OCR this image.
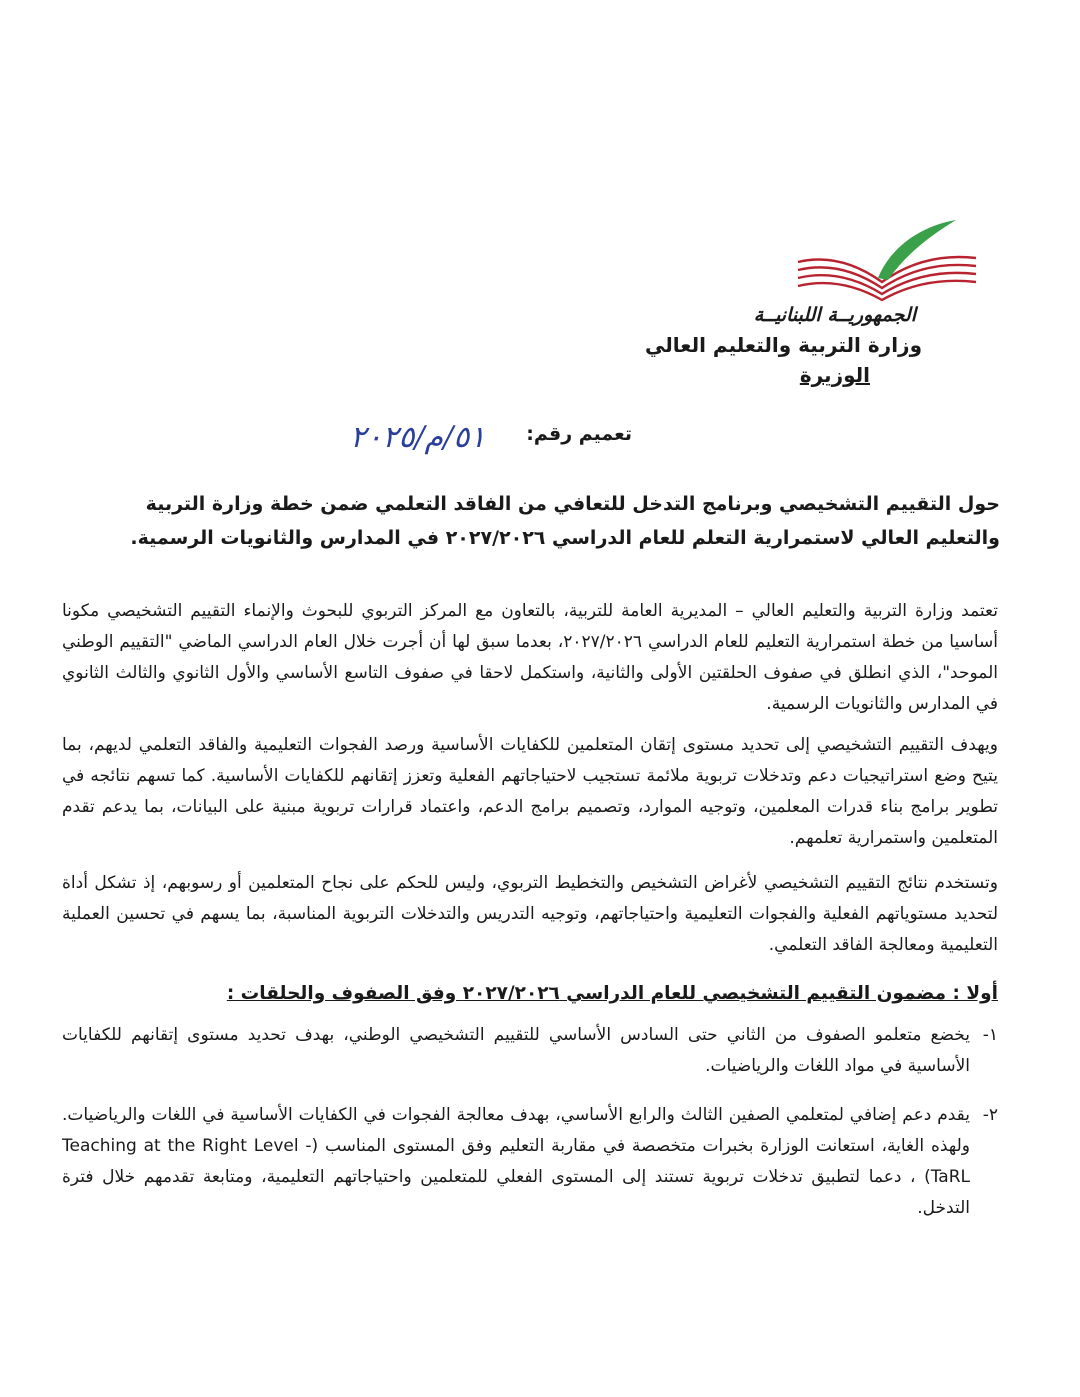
الجمهوريــة اللبنانيــة
وزارة التربية والتعليم العالي
الوزيرة
تعميم رقم:
٥١/م/٢٠٢٥
حول التقييم التشخيصي وبرنامج التدخل للتعافي من الفاقد التعلمي ضمن خطة وزارة التربية والتعليم العالي لاستمرارية التعلم للعام الدراسي ٢٠٢٧/٢٠٢٦ في المدارس والثانويات الرسمية.

تعتمد وزارة التربية والتعليم العالي – المديرية العامة للتربية، بالتعاون مع المركز التربوي للبحوث والإنماء التقييم التشخيصي مكونا أساسيا من خطة استمرارية التعليم للعام الدراسي ٢٠٢٧/٢٠٢٦، بعدما سبق لها أن أجرت خلال العام الدراسي الماضي "التقييم الوطني الموحد"، الذي انطلق في صفوف الحلقتين الأولى والثانية، واستكمل لاحقا في صفوف التاسع الأساسي والأول الثانوي والثالث الثانوي في المدارس والثانويات الرسمية.

ويهدف التقييم التشخيصي إلى تحديد مستوى إتقان المتعلمين للكفايات الأساسية ورصد الفجوات التعليمية والفاقد التعلمي لديهم، بما يتيح وضع استراتيجيات دعم وتدخلات تربوية ملائمة تستجيب لاحتياجاتهم الفعلية وتعزز إتقانهم للكفايات الأساسية. كما تسهم نتائجه في تطوير برامج بناء قدرات المعلمين، وتوجيه الموارد، وتصميم برامج الدعم، واعتماد قرارات تربوية مبنية على البيانات، بما يدعم تقدم المتعلمين واستمرارية تعلمهم.

وتستخدم نتائج التقييم التشخيصي لأغراض التشخيص والتخطيط التربوي، وليس للحكم على نجاح المتعلمين أو رسوبهم، إذ تشكل أداة لتحديد مستوياتهم الفعلية والفجوات التعليمية واحتياجاتهم، وتوجيه التدريس والتدخلات التربوية المناسبة، بما يسهم في تحسين العملية التعليمية ومعالجة الفاقد التعلمي.

أولا : مضمون التقييم التشخيصي للعام الدراسي ٢٠٢٧/٢٠٢٦ وفق الصفوف والحلقات :
١-
يخضع متعلمو الصفوف من الثاني حتى السادس الأساسي للتقييم التشخيصي الوطني، بهدف تحديد مستوى إتقانهم للكفايات الأساسية في مواد اللغات والرياضيات.
٢-
يقدم دعم إضافي لمتعلمي الصفين الثالث والرابع الأساسي، بهدف معالجة الفجوات في الكفايات الأساسية في اللغات والرياضيات. ولهذه الغاية، استعانت الوزارة بخبرات متخصصة في مقاربة التعليم وفق المستوى المناسب (Teaching at the Right Level - TaRL) ، دعما لتطبيق تدخلات تربوية تستند إلى المستوى الفعلي للمتعلمين واحتياجاتهم التعليمية، ومتابعة تقدمهم خلال فترة التدخل.
